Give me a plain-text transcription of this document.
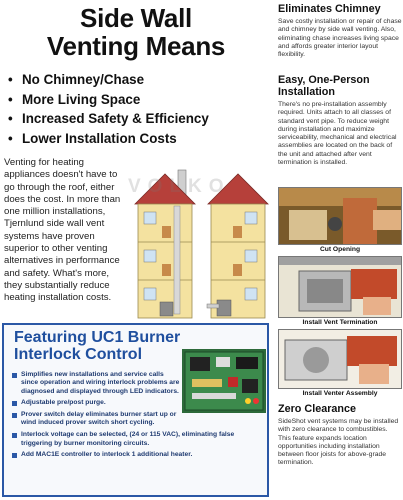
Side Wall
Venting Means
• No Chimney/Chase
• More Living Space
• Increased Safety & Efficiency
• Lower Installation Costs

Venting for heating appliances doesn't have to go through the roof, either does the cost. In more than one million installations, Tjernlund side wall vent systems have proven superior to other venting alternatives in performance and safety. What's more, they substantially reduce heating installation costs.

Featuring UC1 Burner
Interlock Control
Simplifies new installations and service calls since operation and wiring interlock problems are diagnosed and displayed through LED indicators.
Adjustable pre/post purge.
Prover switch delay eliminates burner start up or wind induced prover switch short cycling.
Interlock voltage can be selected, (24 or 115 VAC), eliminating false triggering by burner monitoring circuits.
Add MAC1E controller to interlock 1 additional heater.
VOLKO
Eliminates Chimney

Save costly installation or repair of chase and chimney by side wall venting. Also, eliminating chase increases living space and affords greater interior layout flexibility.

Easy, One-Person
Installation

There's no pre-installation assembly required. Units attach to all classes of standard vent pipe. To reduce weight during installation and maximize serviceability, mechanical and electrical assemblies are located on the back of the unit and attached after vent termination is installed.

Cut Opening
Install Vent Termination
Install Venter Assembly
Zero Clearance

SideShot vent systems may be installed with zero clearance to combustibles. This feature expands location opportunities including installation between floor joists for above-grade termination.
